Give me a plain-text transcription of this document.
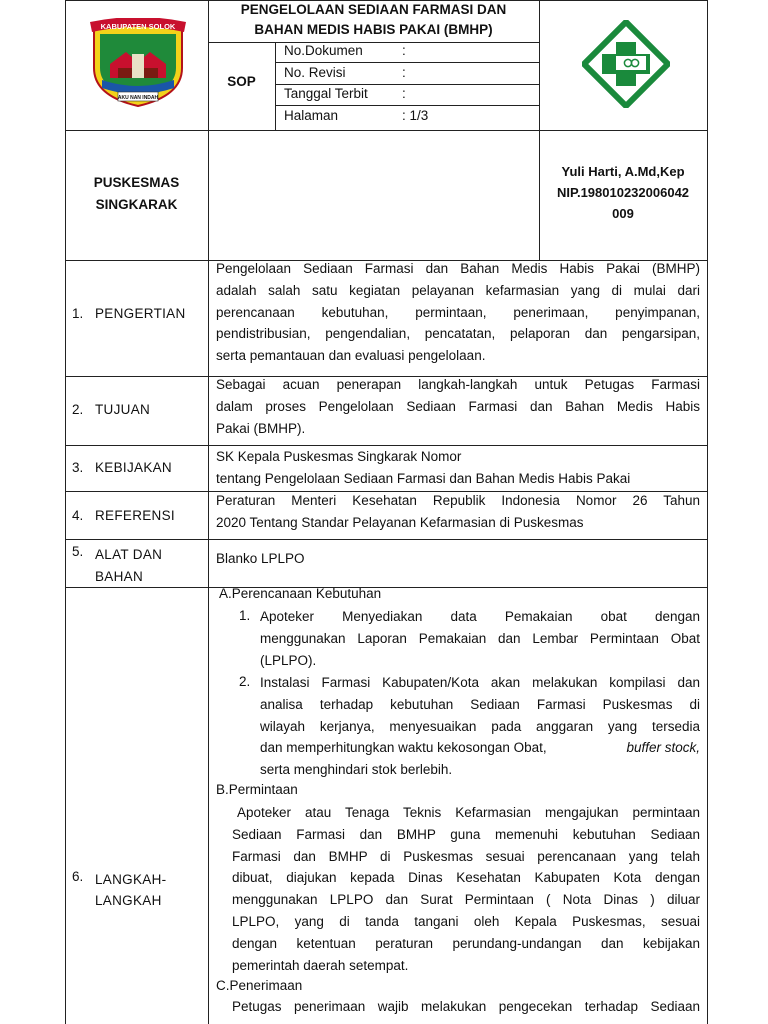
KABUPATEN SOLOK
AKU NAN INDAH
PENGELOLAAN SEDIAAN FARMASI DAN
BAHAN MEDIS HABIS PAKAI (BMHP)
SOP
No.Dokumen	:
No. Revisi	:
Tanggal Terbit	:
Halaman	: 1/3
PUSKESMAS
SINGKARAK
Yuli Harti, A.Md,Kep
NIP.198010232006042
009
1. PENGERTIAN

Pengelolaan Sediaan Farmasi dan Bahan Medis Habis Pakai (BMHP)

adalah salah satu kegiatan pelayanan kefarmasian yang di mulai dari

perencanaan kebutuhan, permintaan, penerimaan, penyimpanan,

pendistribusian, pengendalian, pencatatan, pelaporan dan pengarsipan,

serta pemantauan dan evaluasi pengelolaan.

2. TUJUAN

Sebagai acuan penerapan langkah-langkah untuk Petugas Farmasi

dalam proses Pengelolaan Sediaan Farmasi dan Bahan Medis Habis

Pakai (BMHP).

3. KEBIJAKAN

SK Kepala Puskesmas Singkarak Nomor

tentang Pengelolaan Sediaan Farmasi dan Bahan Medis Habis Pakai

4. REFERENSI

Peraturan Menteri Kesehatan Republik Indonesia Nomor 26 Tahun

2020 Tentang Standar Pelayanan Kefarmasian di Puskesmas

5. ALAT DAN
BAHAN
Blanko LPLPO
6. LANGKAH-
LANGKAH
A.Perencanaan Kebutuhan
1. Apoteker Menyediakan data Pemakaian obat dengan
menggunakan Laporan Pemakaian dan Lembar Permintaan Obat
(LPLPO).
2. Instalasi Farmasi Kabupaten/Kota akan melakukan kompilasi dan
analisa terhadap kebutuhan Sediaan Farmasi Puskesmas di
wilayah kerjanya, menyesuaikan pada anggaran yang tersedia
dan memperhitungkan waktu kekosongan Obat,	buffer stock,
serta menghindari stok berlebih.
B.Permintaan
Apoteker atau Tenaga Teknis Kefarmasian mengajukan permintaan
Sediaan Farmasi dan BMHP guna memenuhi kebutuhan Sediaan
Farmasi dan BMHP di Puskesmas sesuai perencanaan yang telah
dibuat, diajukan kepada Dinas Kesehatan Kabupaten Kota dengan
menggunakan LPLPO dan Surat Permintaan ( Nota Dinas ) diluar
LPLPO, yang di tanda tangani oleh Kepala Puskesmas, sesuai
dengan ketentuan peraturan perundang-undangan dan kebijakan
pemerintah daerah setempat.
C.Penerimaan
Petugas penerimaan wajib melakukan pengecekan terhadap Sediaan
